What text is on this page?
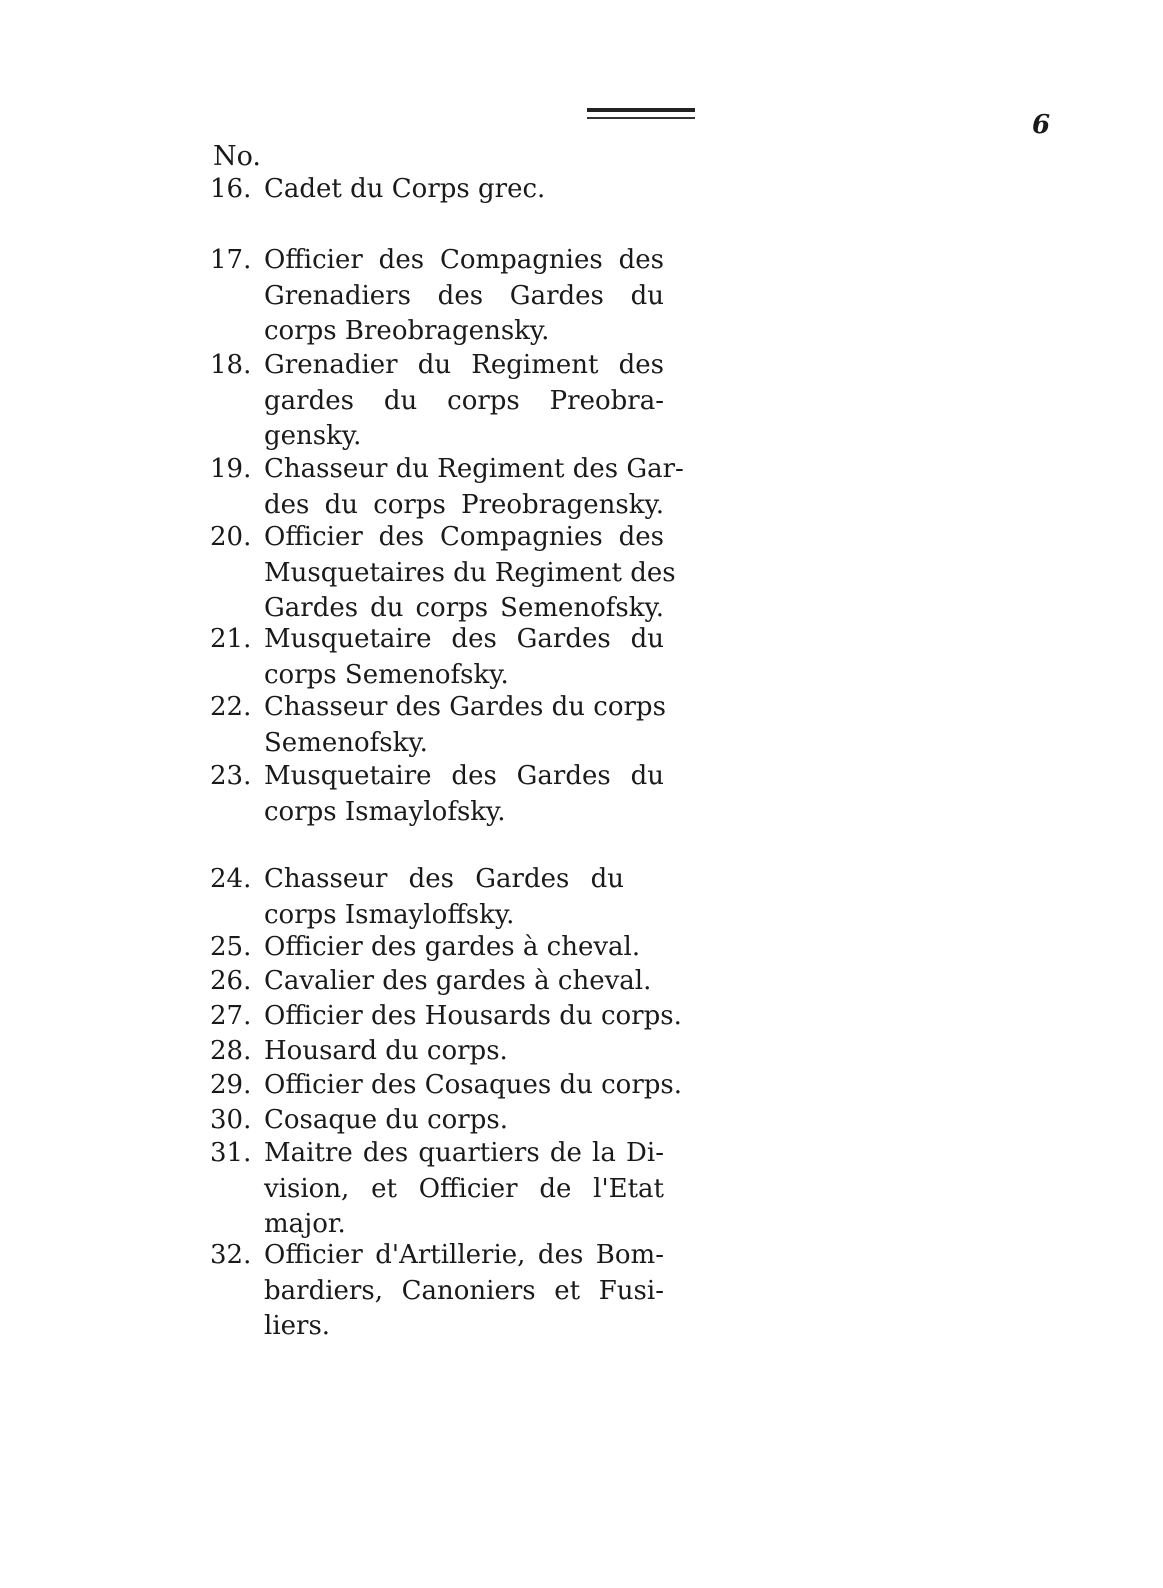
6
No.
16. Cadet du Corps grec.
17. Officier des Compagnies des
Grenadiers des Gardes du
corps Breobragensky.
18. Grenadier du Regiment des
gardes du corps Preobra-
gensky.
19. Chasseur du Regiment des Gar-
des du corps Preobragensky.
20. Officier des Compagnies des
Musquetaires du Regiment des
Gardes du corps Semenofsky.
21. Musquetaire des Gardes du
corps Semenofsky.
22. Chasseur des Gardes du corps
Semenofsky.
23. Musquetaire des Gardes du
corps Ismaylofsky.
24. Chasseur des Gardes du
corps Ismayloffsky.
25. Officier des gardes à cheval.
26. Cavalier des gardes à cheval.
27. Officier des Housards du corps.
28. Housard du corps.
29. Officier des Cosaques du corps.
30. Cosaque du corps.
31. Maitre des quartiers de la Di-
vision, et Officier de l'Etat
major.
32. Officier d'Artillerie, des Bom-
bardiers, Canoniers et Fusi-
liers.
